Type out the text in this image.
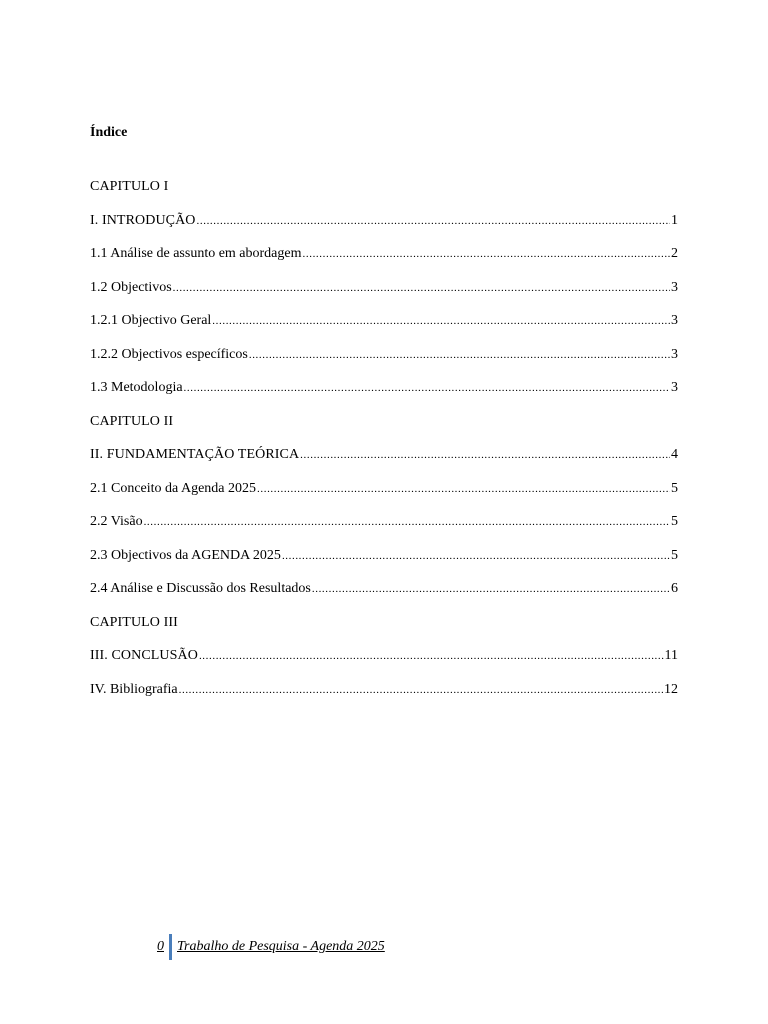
Índice
CAPITULO I
I. INTRODUÇÃO .....	1
1.1 Análise de assunto em abordagem .....	2
1.2 Objectivos .....	3
1.2.1 Objectivo Geral .....	3
1.2.2 Objectivos específicos .....	3
1.3 Metodologia .....	3
CAPITULO II
II. FUNDAMENTAÇÃO TEÓRICA .....	4
2.1 Conceito da Agenda 2025 .....	5
2.2 Visão .....	5
2.3 Objectivos da AGENDA 2025 .....	5
2.4 Análise e Discussão dos Resultados .....	6
CAPITULO III
III. CONCLUSÃO .....	11
IV. Bibliografia .....	12
0 Trabalho de Pesquisa - Agenda 2025
